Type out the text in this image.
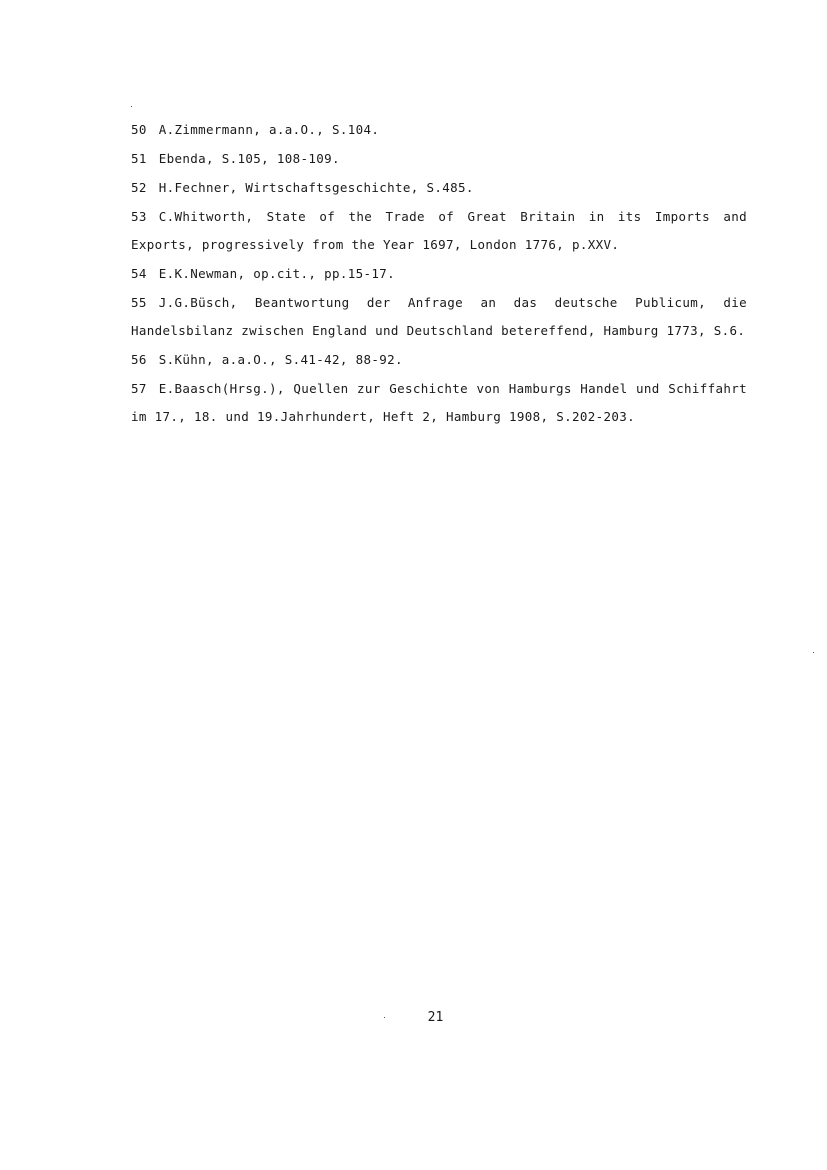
50 A.Zimmermann, a.a.O., S.104.

51 Ebenda, S.105, 108-109.

52 H.Fechner, Wirtschaftsgeschichte, S.485.

53 C.Whitworth, State of the Trade of Great Britain in its Imports and Exports, progressively from the Year 1697, London 1776, p.XXV.

54 E.K.Newman, op.cit., pp.15-17.

55 J.G.Büsch, Beantwortung der Anfrage an das deutsche Publicum, die Handelsbilanz zwischen England und Deutschland betereffend, Hamburg 1773, S.6.

56 S.Kühn, a.a.O., S.41-42, 88-92.

57 E.Baasch(Hrsg.), Quellen zur Geschichte von Hamburgs Handel und Schiffahrt im 17., 18. und 19.Jahrhundert, Heft 2, Hamburg 1908, S.202-203.

21
